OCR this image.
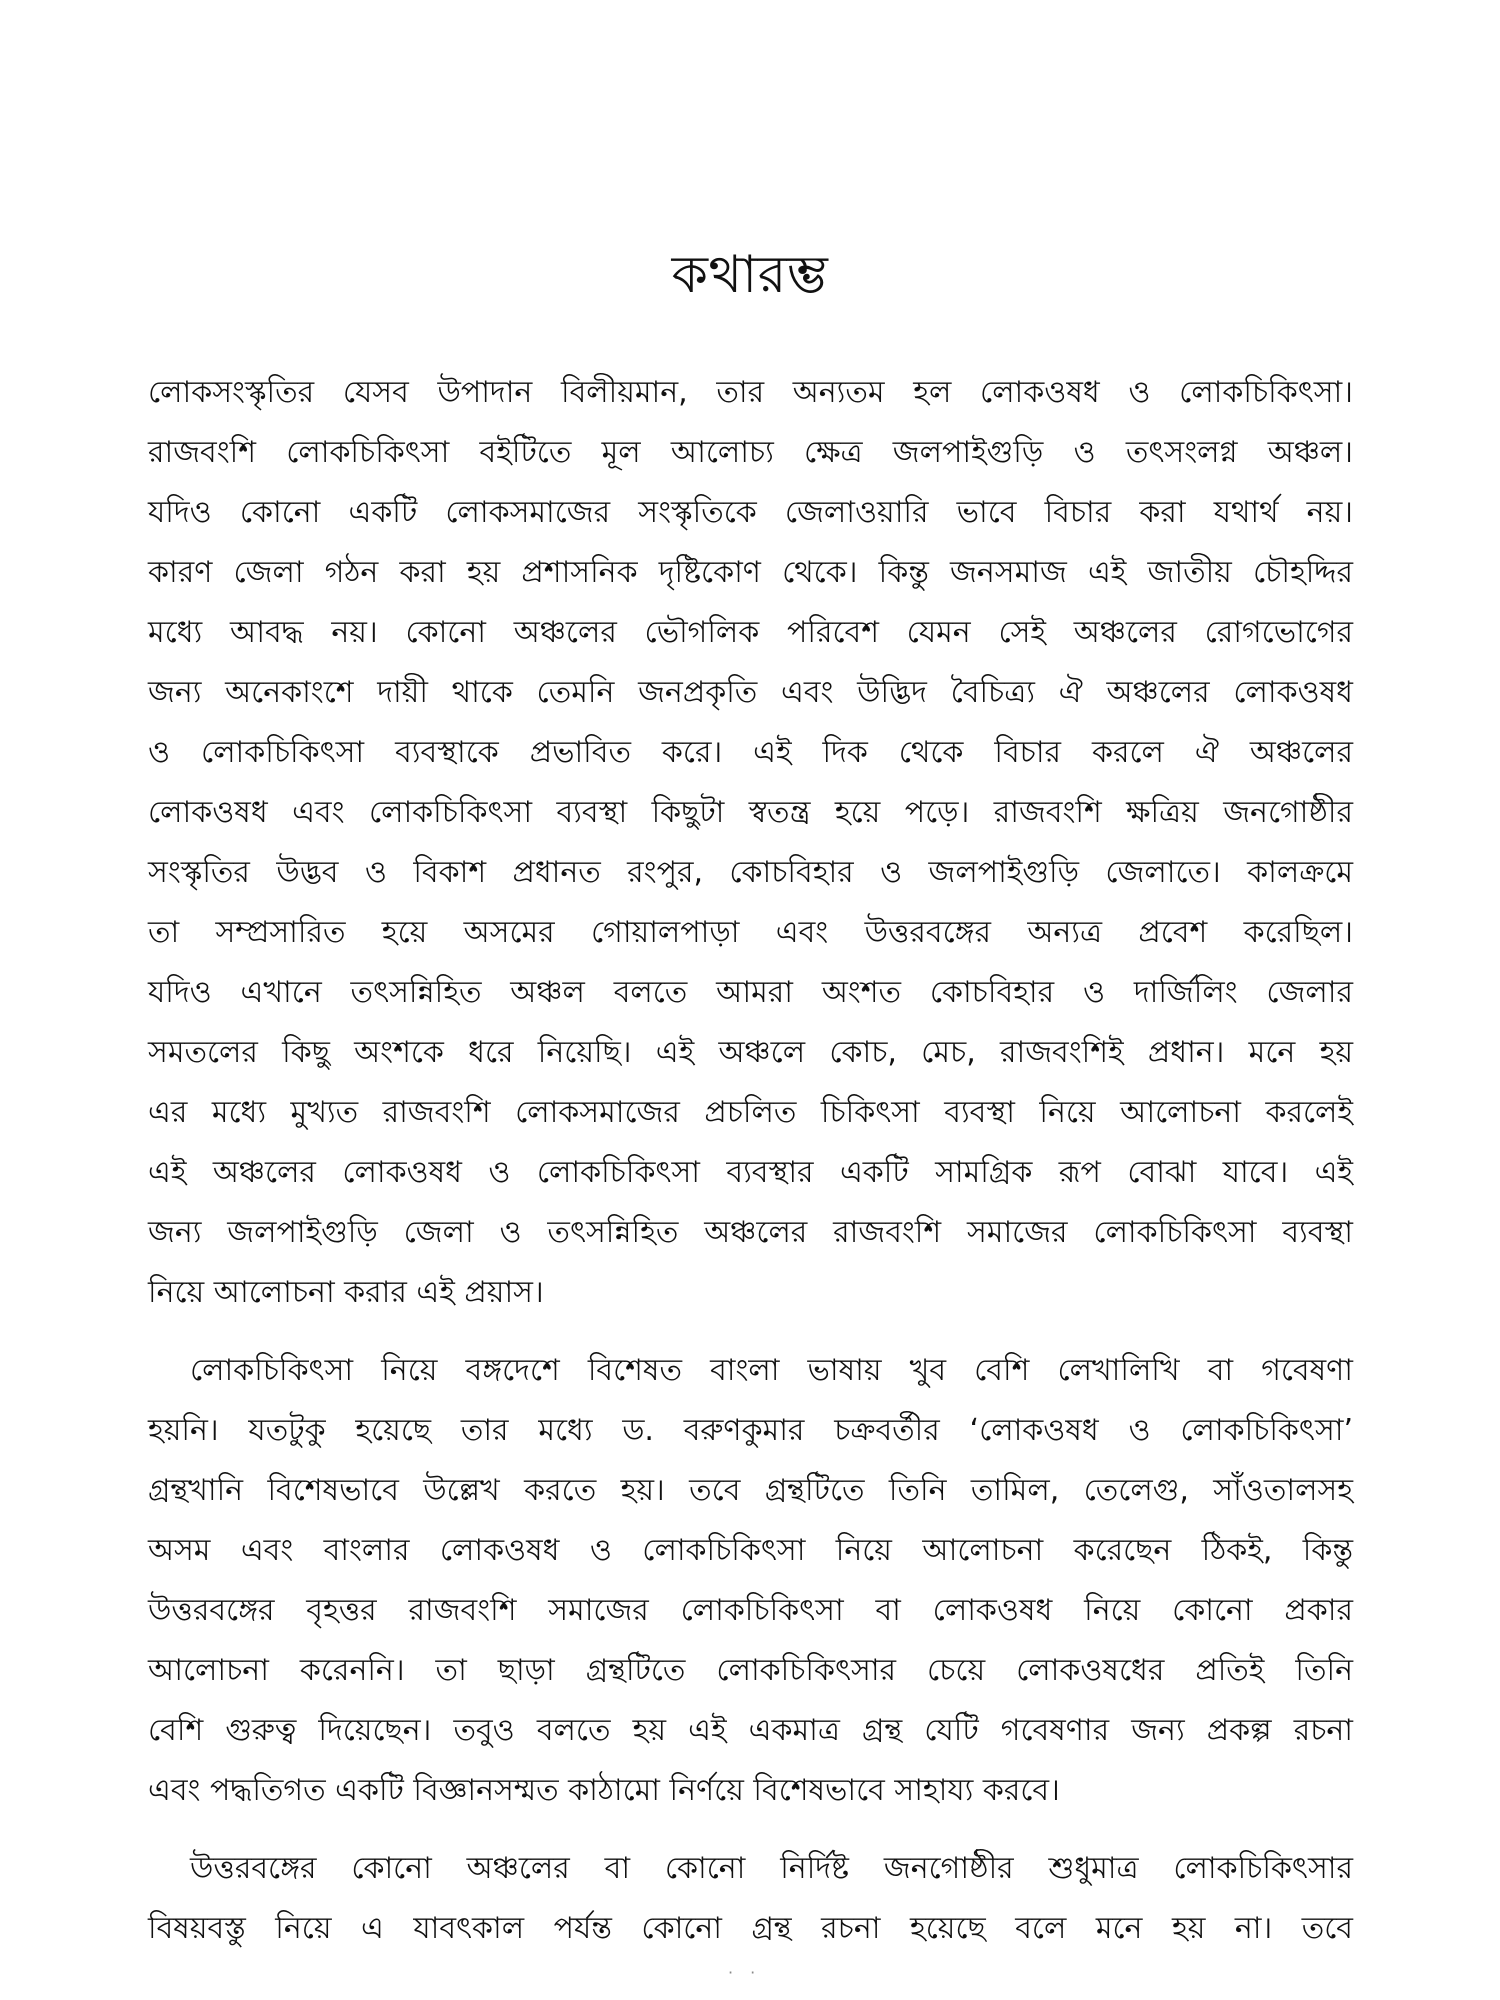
কথারম্ভ
লোকসংস্কৃতির যেসব উপাদান বিলীয়মান, তার অন্যতম হল লোকওষধ ও লোকচিকিৎসা।
রাজবংশি লোকচিকিৎসা বইটিতে মূল আলোচ্য ক্ষেত্র জলপাইগুড়ি ও তৎসংলগ্ন অঞ্চল।
যদিও কোনো একটি লোকসমাজের সংস্কৃতিকে জেলাওয়ারি ভাবে বিচার করা যথার্থ নয়।
কারণ জেলা গঠন করা হয় প্রশাসনিক দৃষ্টিকোণ থেকে। কিন্তু জনসমাজ এই জাতীয় চৌহদ্দির
মধ্যে আবদ্ধ নয়। কোনো অঞ্চলের ভৌগলিক পরিবেশ যেমন সেই অঞ্চলের রোগভোগের
জন্য অনেকাংশে দায়ী থাকে তেমনি জনপ্রকৃতি এবং উদ্ভিদ বৈচিত্র্য ঐ অঞ্চলের লোকওষধ
ও লোকচিকিৎসা ব্যবস্থাকে প্রভাবিত করে। এই দিক থেকে বিচার করলে ঐ অঞ্চলের
লোকওষধ এবং লোকচিকিৎসা ব্যবস্থা কিছুটা স্বতন্ত্র হয়ে পড়ে। রাজবংশি ক্ষত্রিয় জনগোষ্ঠীর
সংস্কৃতির উদ্ভব ও বিকাশ প্রধানত রংপুর, কোচবিহার ও জলপাইগুড়ি জেলাতে। কালক্রমে
তা সম্প্রসারিত হয়ে অসমের গোয়ালপাড়া এবং উত্তরবঙ্গের অন্যত্র প্রবেশ করেছিল।
যদিও এখানে তৎসন্নিহিত অঞ্চল বলতে আমরা অংশত কোচবিহার ও দার্জিলিং জেলার
সমতলের কিছু অংশকে ধরে নিয়েছি। এই অঞ্চলে কোচ, মেচ, রাজবংশিই প্রধান। মনে হয়
এর মধ্যে মুখ্যত রাজবংশি লোকসমাজের প্রচলিত চিকিৎসা ব্যবস্থা নিয়ে আলোচনা করলেই
এই অঞ্চলের লোকওষধ ও লোকচিকিৎসা ব্যবস্থার একটি সামগ্রিক রূপ বোঝা যাবে। এই
জন্য জলপাইগুড়ি জেলা ও তৎসন্নিহিত অঞ্চলের রাজবংশি সমাজের লোকচিকিৎসা ব্যবস্থা
নিয়ে আলোচনা করার এই প্রয়াস।
লোকচিকিৎসা নিয়ে বঙ্গদেশে বিশেষত বাংলা ভাষায় খুব বেশি লেখালিখি বা গবেষণা
হয়নি। যতটুকু হয়েছে তার মধ্যে ড. বরুণকুমার চক্রবর্তীর ‘লোকওষধ ও লোকচিকিৎসা’
গ্রন্থখানি বিশেষভাবে উল্লেখ করতে হয়। তবে গ্রন্থটিতে তিনি তামিল, তেলেগু, সাঁওতালসহ
অসম এবং বাংলার লোকওষধ ও লোকচিকিৎসা নিয়ে আলোচনা করেছেন ঠিকই, কিন্তু
উত্তরবঙ্গের বৃহত্তর রাজবংশি সমাজের লোকচিকিৎসা বা লোকওষধ নিয়ে কোনো প্রকার
আলোচনা করেননি। তা ছাড়া গ্রন্থটিতে লোকচিকিৎসার চেয়ে লোকওষধের প্রতিই তিনি
বেশি গুরুত্ব দিয়েছেন। তবুও বলতে হয় এই একমাত্র গ্রন্থ যেটি গবেষণার জন্য প্রকল্প রচনা
এবং পদ্ধতিগত একটি বিজ্ঞানসম্মত কাঠামো নির্ণয়ে বিশেষভাবে সাহায্য করবে।
উত্তরবঙ্গের কোনো অঞ্চলের বা কোনো নির্দিষ্ট জনগোষ্ঠীর শুধুমাত্র লোকচিকিৎসার
বিষয়বস্তু নিয়ে এ যাবৎকাল পর্যন্ত কোনো গ্রন্থ রচনা হয়েছে বলে মনে হয় না। তবে
· ·
